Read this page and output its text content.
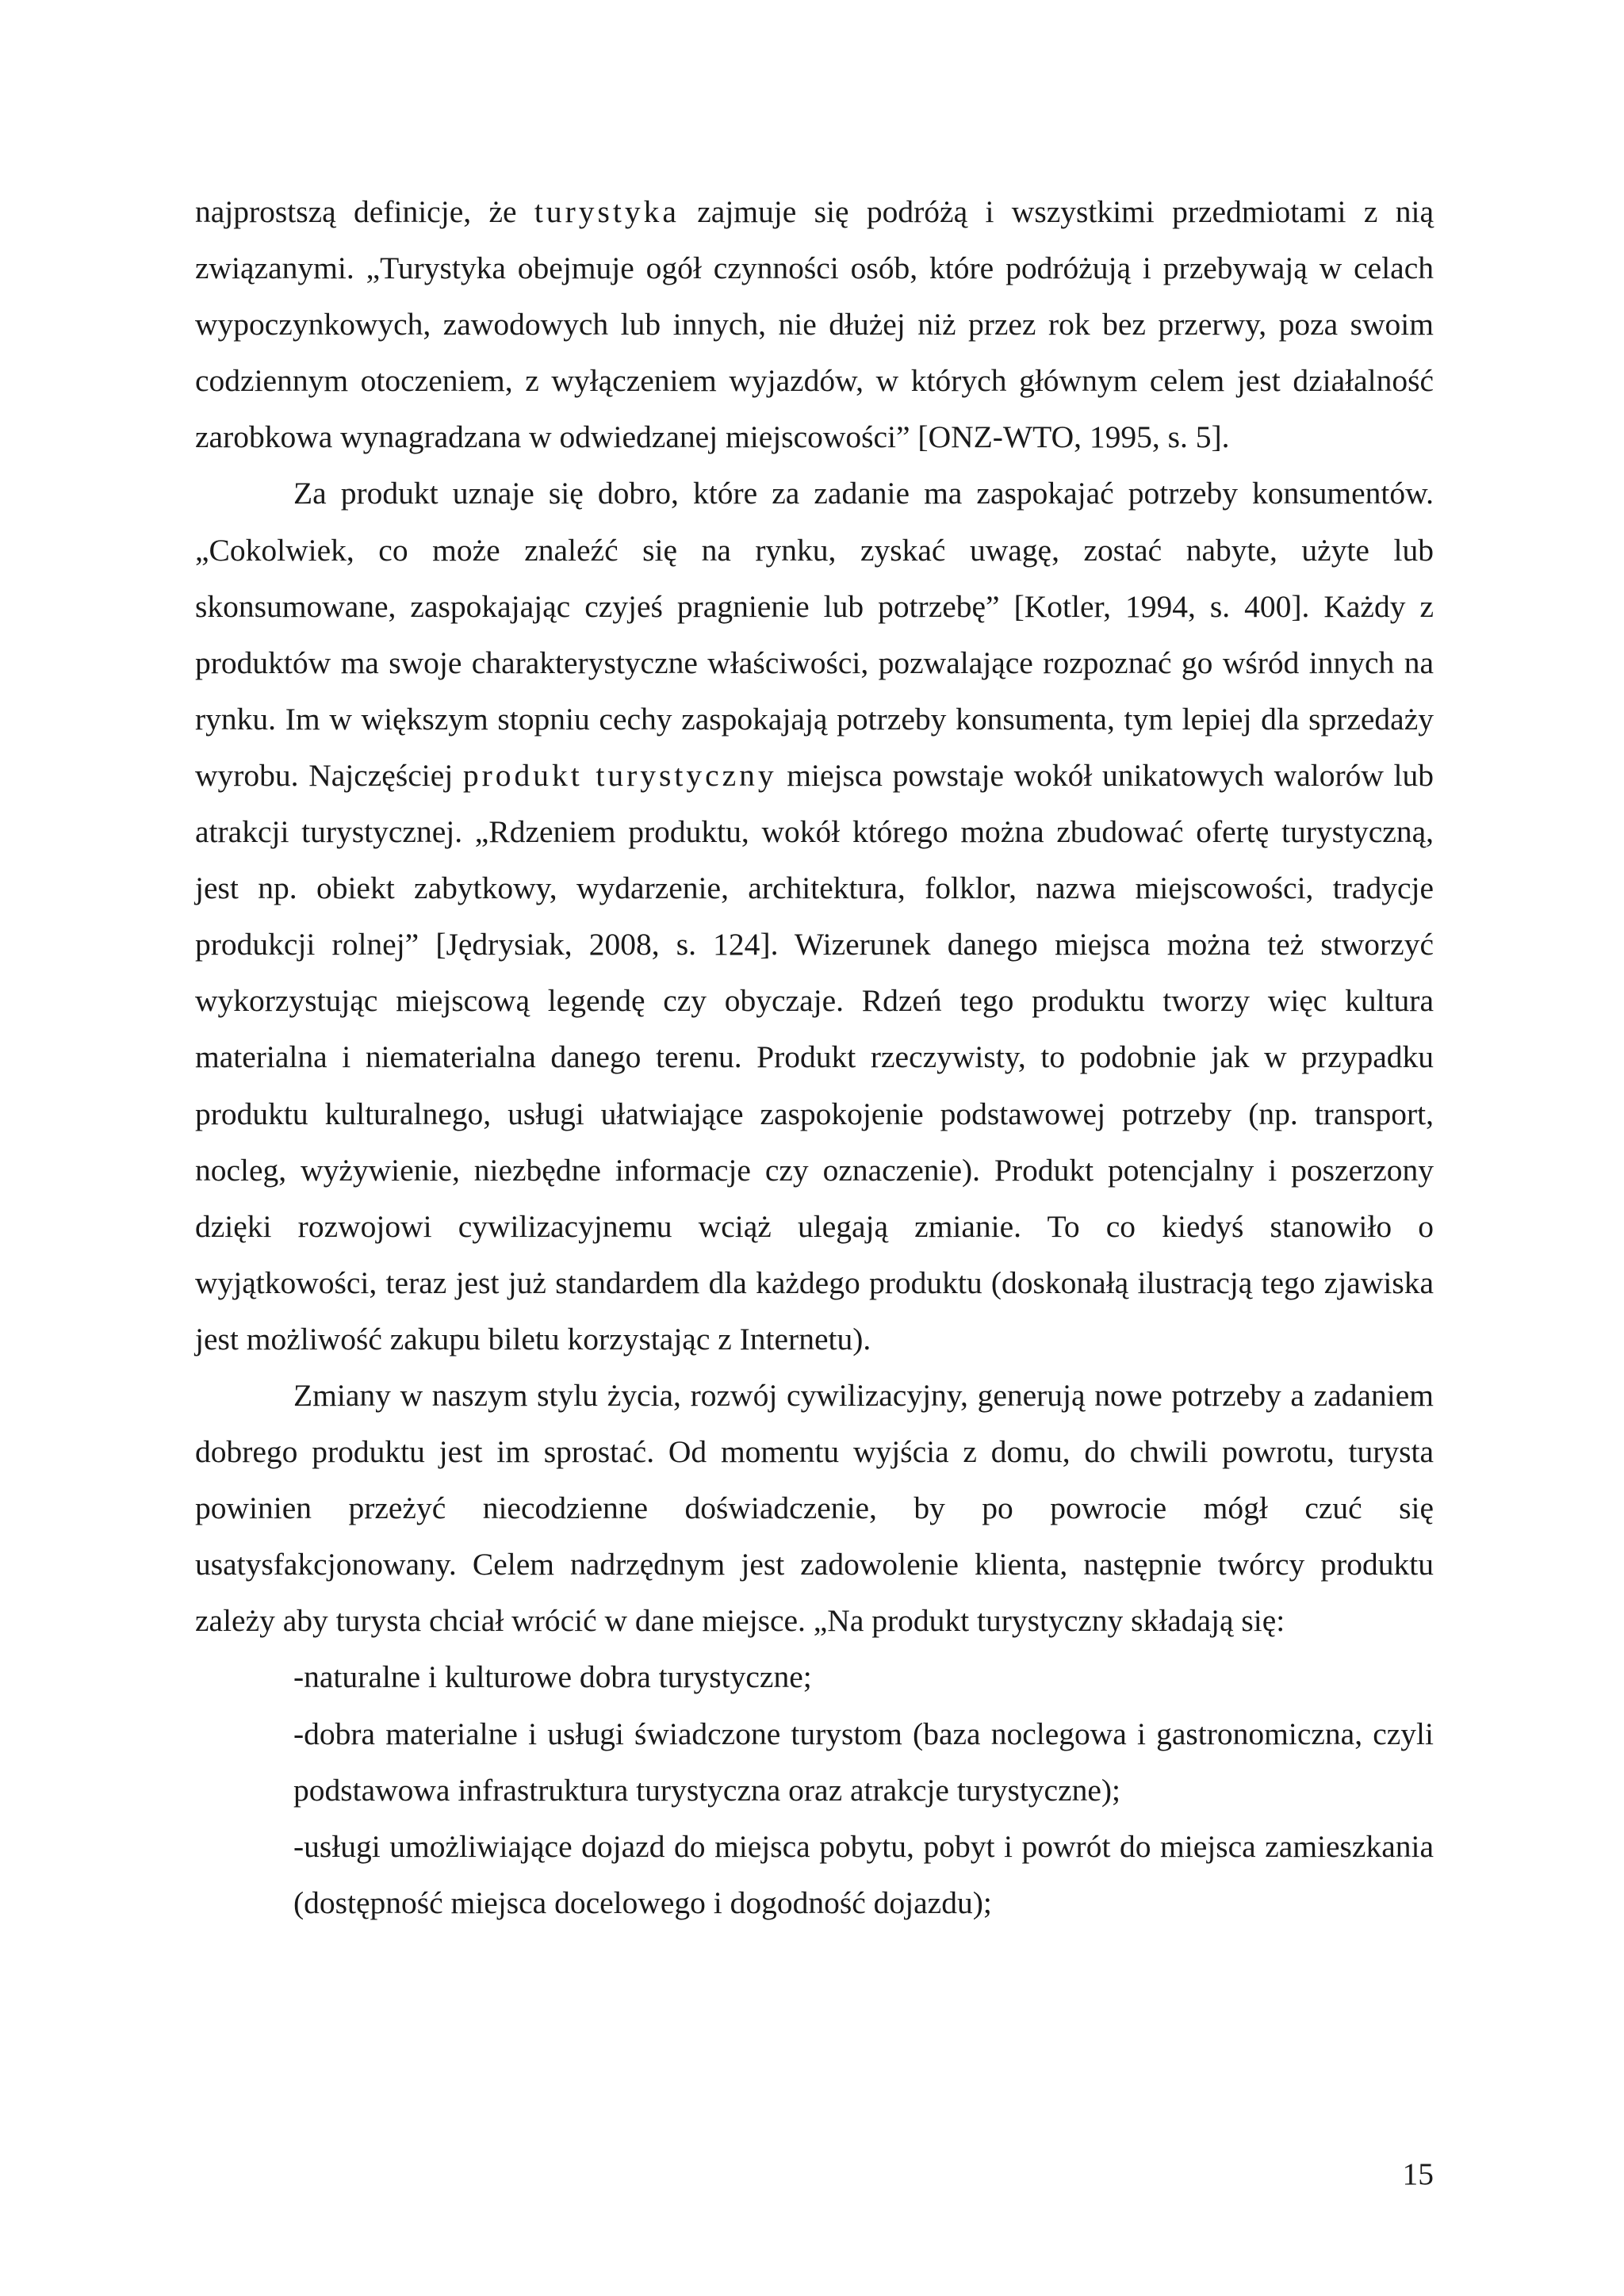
najprostszą definicje, że turystyka zajmuje się podróżą i wszystkimi przedmiotami z nią związanymi. „Turystyka obejmuje ogół czynności osób, które podróżują i przebywają w celach wypoczynkowych, zawodowych lub innych, nie dłużej niż przez rok bez przerwy, poza swoim codziennym otoczeniem, z wyłączeniem wyjazdów, w których głównym celem jest działalność zarobkowa wynagradzana w odwiedzanej miejscowości” [ONZ-WTO, 1995, s. 5].

Za produkt uznaje się dobro, które za zadanie ma zaspokajać potrzeby konsumentów. „Cokolwiek, co może znaleźć się na rynku, zyskać uwagę, zostać nabyte, użyte lub skonsumowane, zaspokajając czyjeś pragnienie lub potrzebę” [Kotler, 1994, s. 400]. Każdy z produktów ma swoje charakterystyczne właściwości, pozwalające rozpoznać go wśród innych na rynku. Im w większym stopniu cechy zaspokajają potrzeby konsumenta, tym lepiej dla sprzedaży wyrobu. Najczęściej produkt turystyczny miejsca powstaje wokół unikatowych walorów lub atrakcji turystycznej. „Rdzeniem produktu, wokół którego można zbudować ofertę turystyczną, jest np. obiekt zabytkowy, wydarzenie, architektura, folklor, nazwa miejscowości, tradycje produkcji rolnej” [Jędrysiak, 2008, s. 124]. Wizerunek danego miejsca można też stworzyć wykorzystując miejscową legendę czy obyczaje. Rdzeń tego produktu tworzy więc kultura materialna i niematerialna danego terenu. Produkt rzeczywisty, to podobnie jak w przypadku produktu kulturalnego, usługi ułatwiające zaspokojenie podstawowej potrzeby (np. transport, nocleg, wyżywienie, niezbędne informacje czy oznaczenie). Produkt potencjalny i poszerzony dzięki rozwojowi cywilizacyjnemu wciąż ulegają zmianie. To co kiedyś stanowiło o wyjątkowości, teraz jest już standardem dla każdego produktu (doskonałą ilustracją tego zjawiska jest możliwość zakupu biletu korzystając z Internetu).

Zmiany w naszym stylu życia, rozwój cywilizacyjny, generują nowe potrzeby a zadaniem dobrego produktu jest im sprostać. Od momentu wyjścia z domu, do chwili powrotu, turysta powinien przeżyć niecodzienne doświadczenie, by po powrocie mógł czuć się usatysfakcjonowany. Celem nadrzędnym jest zadowolenie klienta, następnie twórcy produktu zależy aby turysta chciał wrócić w dane miejsce. „Na produkt turystyczny składają się:

-naturalne i kulturowe dobra turystyczne;
-dobra materialne i usługi świadczone turystom (baza noclegowa i gastronomiczna, czyli podstawowa infrastruktura turystyczna oraz atrakcje turystyczne);
-usługi umożliwiające dojazd do miejsca pobytu, pobyt i powrót do miejsca zamieszkania (dostępność miejsca docelowego i dogodność dojazdu);
15
